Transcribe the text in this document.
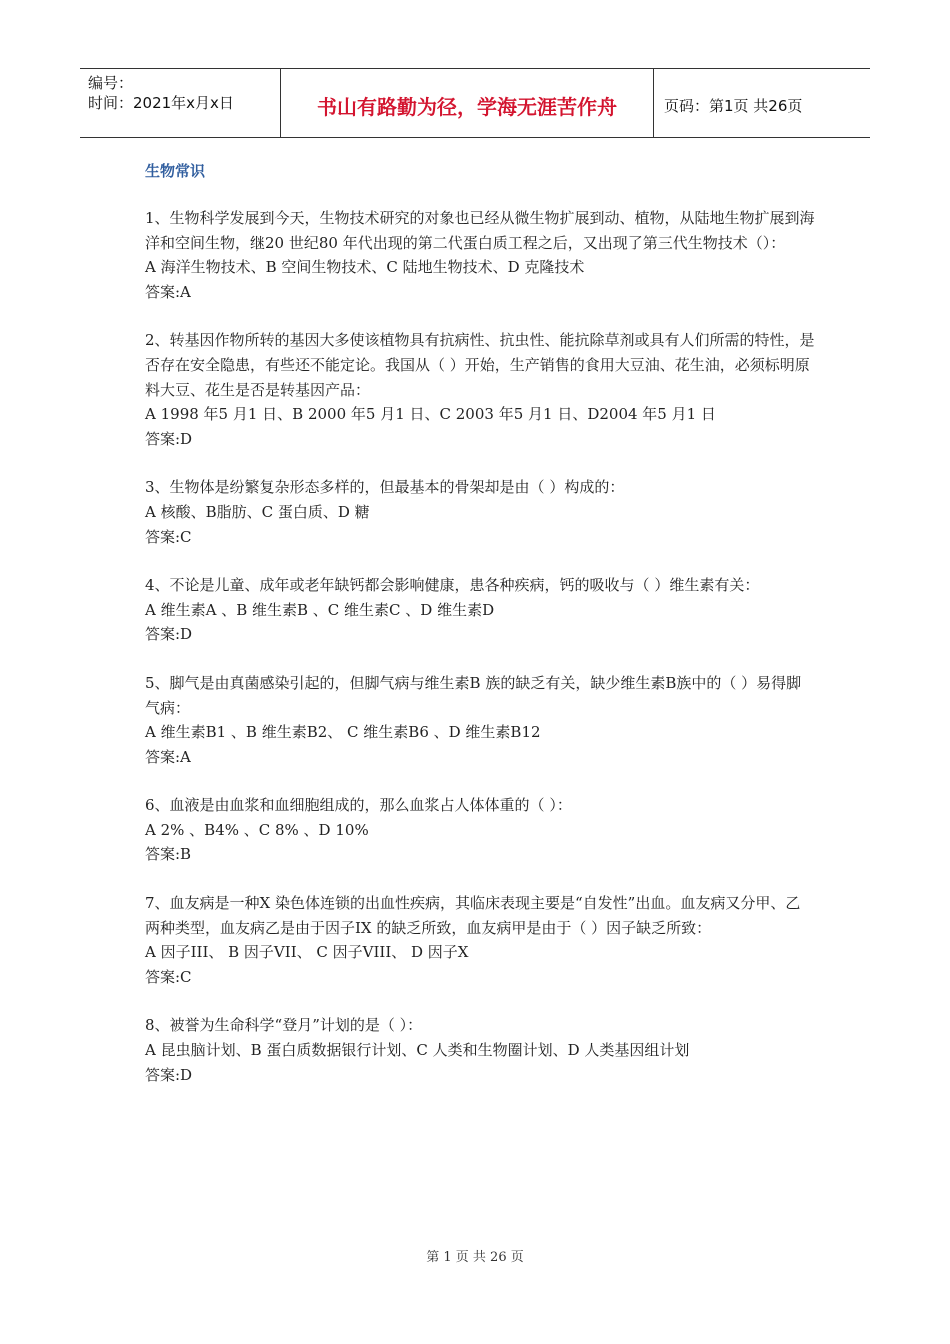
编号：
时间：2021年x月x日	书山有路勤为径，学海无涯苦作舟	页码：第1页 共26页
生物常识

1、生物科学发展到今天，生物技术研究的对象也已经从微生物扩展到动、植物，从陆地生物扩展到海洋和空间生物，继20 世纪80 年代出现的第二代蛋白质工程之后，又出现了第三代生物技术（）：

A 海洋生物技术、B 空间生物技术、C 陆地生物技术、D 克隆技术

答案:A

2、转基因作物所转的基因大多使该植物具有抗病性、抗虫性、能抗除草剂或具有人们所需的特性，是否存在安全隐患，有些还不能定论。我国从（ ）开始，生产销售的食用大豆油、花生油，必须标明原料大豆、花生是否是转基因产品：

A 1998 年5 月1 日、B 2000 年5 月1 日、C 2003 年5 月1 日、D2004 年5 月1 日

答案:D

3、生物体是纷繁复杂形态多样的，但最基本的骨架却是由（ ）构成的：

A 核酸、B脂肪、C 蛋白质、D 糖

答案:C

4、不论是儿童、成年或老年缺钙都会影响健康，患各种疾病，钙的吸收与（ ）维生素有关：

A 维生素A 、B 维生素B 、C 维生素C 、D 维生素D

答案:D

5、脚气是由真菌感染引起的，但脚气病与维生素B 族的缺乏有关，缺少维生素B族中的（ ）易得脚气病：

A 维生素B1 、B 维生素B2、 C 维生素B6 、D 维生素B12

答案:A

6、血液是由血浆和血细胞组成的，那么血浆占人体体重的（ ）：

A 2% 、B4% 、C 8% 、D 10%

答案:B

7、血友病是一种X 染色体连锁的出血性疾病，其临床表现主要是“自发性”出血。血友病又分甲、乙两种类型，血友病乙是由于因子IX 的缺乏所致，血友病甲是由于（ ）因子缺乏所致：

A 因子III、 B 因子VII、 C 因子VIII、 D 因子X

答案:C

8、被誉为生命科学“登月”计划的是（ ）：

A 昆虫脑计划、B 蛋白质数据银行计划、C 人类和生物圈计划、D 人类基因组计划

答案:D

第 1 页 共 26 页
